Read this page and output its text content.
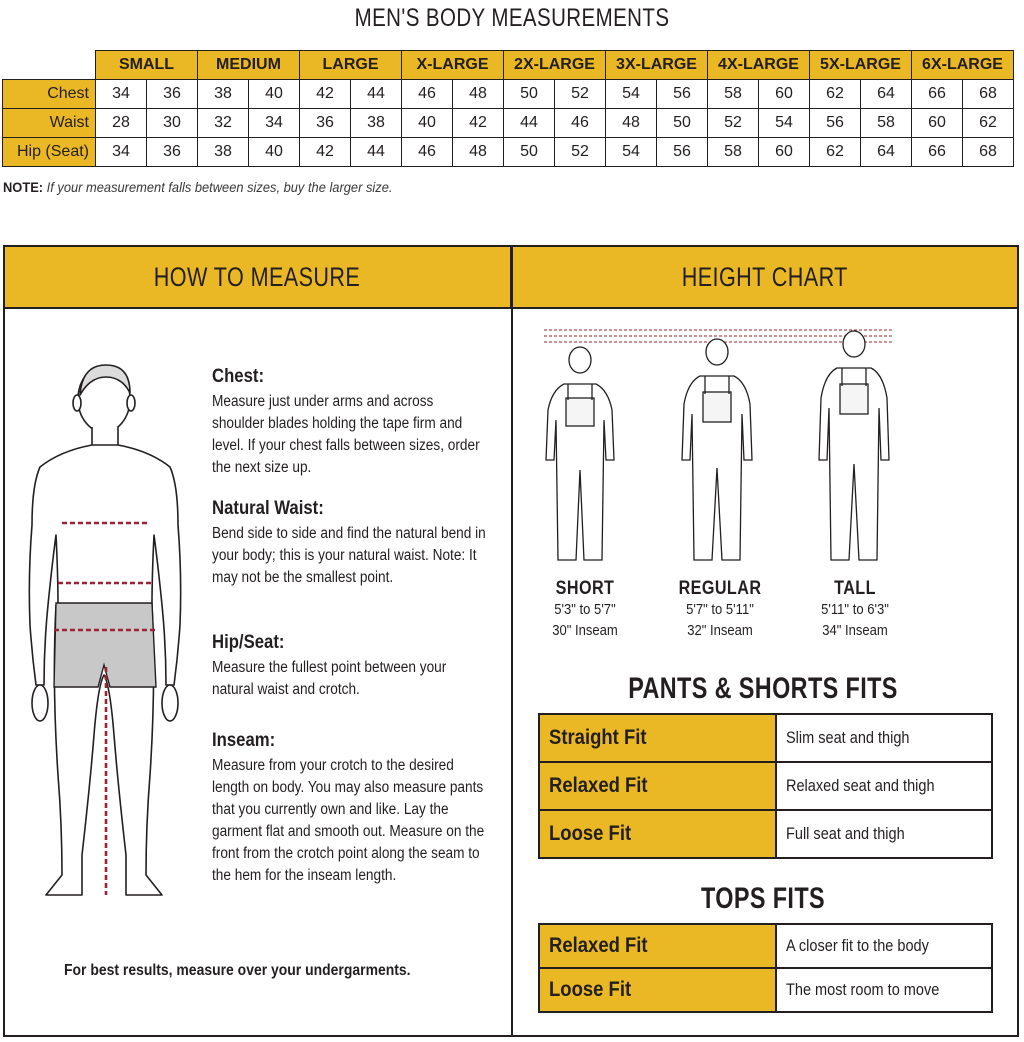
MEN'S BODY MEASUREMENTS
	SMALL		MEDIUM		LARGE		X-LARGE		2X-LARGE		3X-LARGE		4X-LARGE		5X-LARGE		6X-LARGE	
Chest	34	36	38	40	42	44	46	48	50	52	54	56	58	60	62	64	66	68
Waist	28	30	32	34	36	38	40	42	44	46	48	50	52	54	56	58	60	62
Hip (Seat)	34	36	38	40	42	44	46	48	50	52	54	56	58	60	62	64	66	68
NOTE: If your measurement falls between sizes, buy the larger size.
HOW TO MEASURE	HEIGHT CHART
Chest:

Measure just under arms and across shoulder blades holding the tape firm and level. If your chest falls between sizes, order the next size up.

Natural Waist:

Bend side to side and find the natural bend in your body; this is your natural waist. Note: It may not be the smallest point.

Hip/Seat:

Measure the fullest point between your natural waist and crotch.

Inseam:

Measure from your crotch to the desired length on body. You may also measure pants that you currently own and like. Lay the garment flat and smooth out. Measure on the front from the crotch point along the seam to the hem for the inseam length.

For best results, measure over your undergarments.
SHORT
5'3" to 5'7"
30" Inseam
REGULAR
5'7" to 5'11"
32" Inseam
TALL
5'11" to 6'3"
34" Inseam
PANTS & SHORTS FITS
Straight Fit	Slim seat and thigh
Relaxed Fit	Relaxed seat and thigh
Loose Fit	Full seat and thigh
TOPS FITS
Relaxed Fit	A closer fit to the body
Loose Fit	The most room to move
